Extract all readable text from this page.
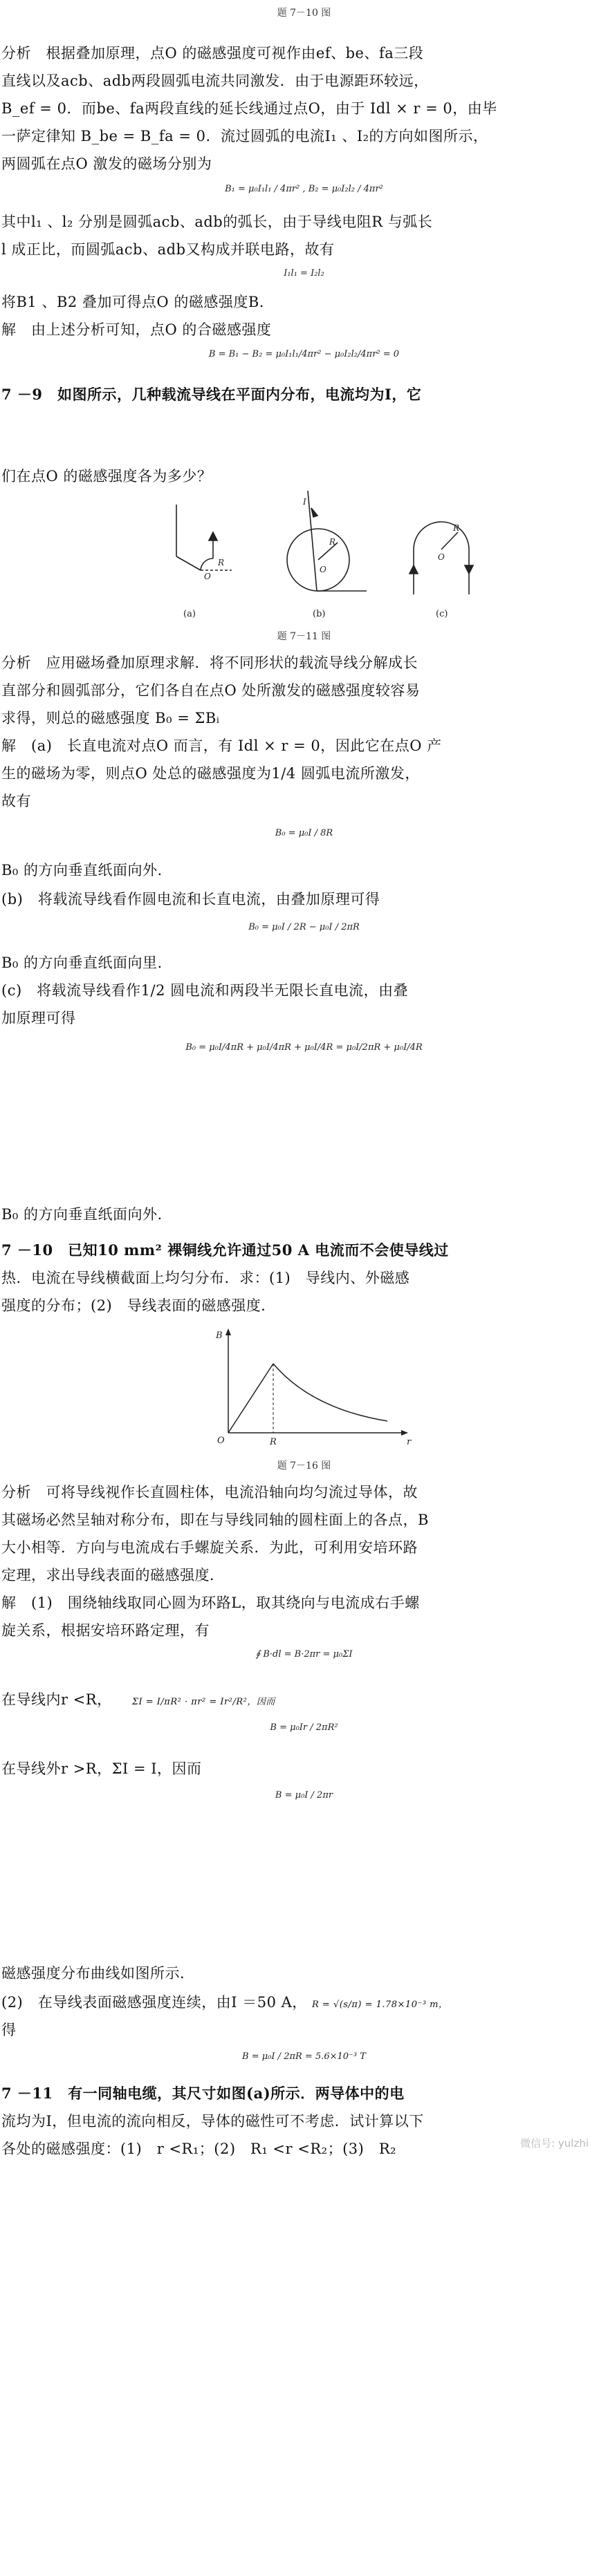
题 7－10 图
分析　根据叠加原理，点O 的磁感强度可视作由ef、be、fa三段
直线以及acb、adb两段圆弧电流共同激发．由于电源距环较远，
B_ef = 0．而be、fa两段直线的延长线通过点O，由于 Idl × r = 0，由毕
一萨定律知 B_be = B_fa = 0．流过圆弧的电流I₁ 、I₂的方向如图所示，
两圆弧在点O 激发的磁场分别为
B₁ = μ₀I₁l₁ / 4πr² , B₂ = μ₀I₂l₂ / 4πr²
其中l₁ 、l₂ 分别是圆弧acb、adb的弧长，由于导线电阻R 与弧长
l 成正比，而圆弧acb、adb又构成并联电路，故有
I₁l₁ = I₂l₂
将B1 、B2 叠加可得点O 的磁感强度B.
解　由上述分析可知，点O 的合磁感强度
B = B₁ − B₂ = μ₀I₁l₁/4πr² − μ₀I₂l₂/4πr² = 0
7 －9　如图所示，几种载流导线在平面内分布，电流均为I，它
们在点O 的磁感强度各为多少？
O
R
O
R
I
O
R
(a)	(b)	(c)
题 7－11 图
分析　应用磁场叠加原理求解．将不同形状的载流导线分解成长
直部分和圆弧部分，它们各自在点O 处所激发的磁感强度较容易
求得，则总的磁感强度 B₀ = ΣBᵢ
解　(a)　长直电流对点O 而言，有 Idl × r = 0，因此它在点O 产
生的磁场为零，则点O 处总的磁感强度为1/4 圆弧电流所激发，
故有
B₀ = μ₀I / 8R
B₀ 的方向垂直纸面向外.
(b)　将载流导线看作圆电流和长直电流，由叠加原理可得
B₀ = μ₀I / 2R − μ₀I / 2πR
B₀ 的方向垂直纸面向里.
(c)　将载流导线看作1/2 圆电流和两段半无限长直电流，由叠
加原理可得
B₀ = μ₀I/4πR + μ₀I/4πR + μ₀I/4R = μ₀I/2πR + μ₀I/4R
B₀ 的方向垂直纸面向外.
7 －10　已知10 mm² 裸铜线允许通过50 A 电流而不会使导线过
热．电流在导线横截面上均匀分布．求：(1)　导线内、外磁感
强度的分布；(2)　导线表面的磁感强度．
B
r
O	R
题 7－16 图
分析　可将导线视作长直圆柱体，电流沿轴向均匀流过导体，故
其磁场必然呈轴对称分布，即在与导线同轴的圆柱面上的各点，B
大小相等．方向与电流成右手螺旋关系．为此，可利用安培环路
定理，求出导线表面的磁感强度．
解　(1)　围绕轴线取同心圆为环路L，取其绕向与电流成右手螺
旋关系，根据安培环路定理，有
∮ B·dl = B·2πr = μ₀ΣI
在导线内r <R， ΣI = I/πR² · πr² = Ir²/R²，因而
B = μ₀Ir / 2πR²
在导线外r >R，ΣI = I，因而
B = μ₀I / 2πr
磁感强度分布曲线如图所示．
(2)　在导线表面磁感强度连续，由I ＝50 A， R = √(s/π) = 1.78×10⁻³ m，
得
B = μ₀I / 2πR = 5.6×10⁻³ T
7 －11　有一同轴电缆，其尺寸如图(a)所示．两导体中的电
流均为I，但电流的流向相反，导体的磁性可不考虑．试计算以下
各处的磁感强度：(1)　r <R₁；(2)　R₁ <r <R₂；(3)　R₂	微信号: yulzhi
